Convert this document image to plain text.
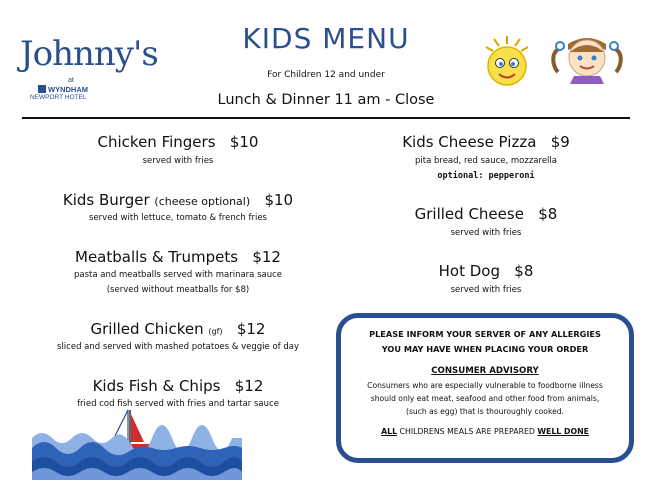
Johnny's
at
WYNDHAM
NEWPORT HOTEL
KIDS MENU
For Children 12 and under
Lunch & Dinner 11 am - Close
Chicken Fingers $10
served with fries
Kids Burger (cheese optional) $10
served with lettuce, tomato & french fries
Meatballs & Trumpets $12
pasta and meatballs served with marinara sauce
(served without meatballs for $8)
Grilled Chicken (gf) $12
sliced and served with mashed potatoes & veggie of day
Kids Fish & Chips $12
fried cod fish served with fries and tartar sauce
Kids Cheese Pizza $9
pita bread, red sauce, mozzarella
optional: pepperoni
Grilled Cheese $8
served with fries
Hot Dog $8
served with fries
PLEASE INFORM YOUR SERVER OF ANY ALLERGIES
YOU MAY HAVE WHEN PLACING YOUR ORDER
CONSUMER ADVISORY
Consumers who are especially vulnerable to foodborne illness
should only eat meat, seafood and other food from animals,
(such as egg) that is thouroughly cooked.
ALL CHILDRENS MEALS ARE PREPARED WELL DONE
